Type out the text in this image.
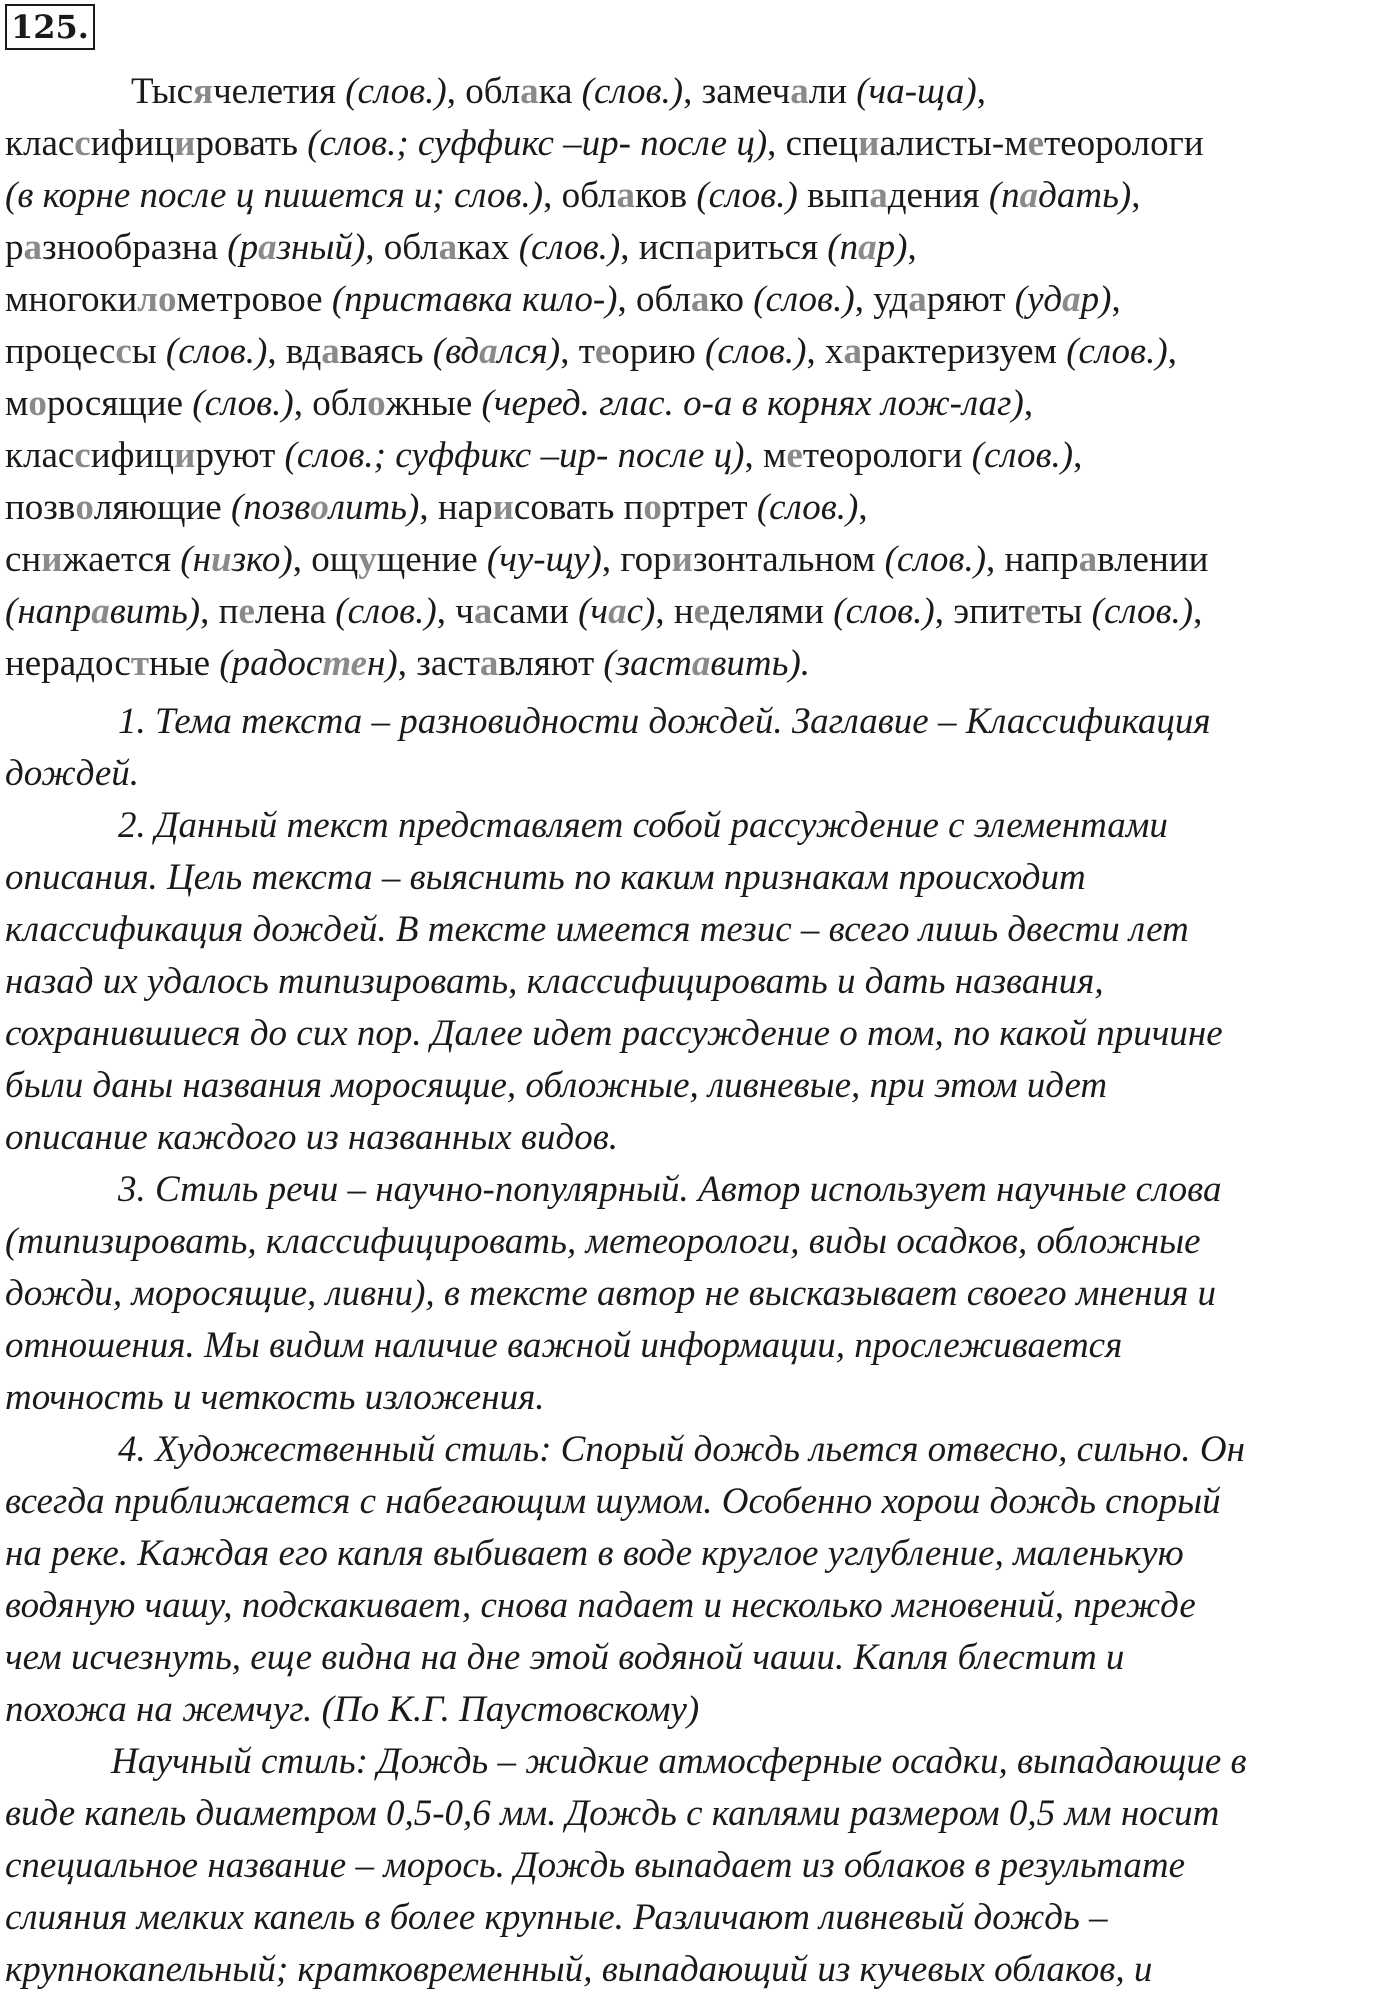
125.
Тысячелетия (слов.), облака (слов.), замечали (ча-ща),
классифицировать (слов.; суффикс –ир- после ц), специалисты-метеорологи
(в корне после ц пишется и; слов.), облаков (слов.) выпадения (падать),
разнообразна (разный), облаках (слов.), испариться (пар),
многокилометровое (приставка кило-), облако (слов.), ударяют (удар),
процессы (слов.), вдаваясь (вдался), теорию (слов.), характеризуем (слов.),
моросящие (слов.), обложные (черед. глас. о-а в корнях лож-лаг),
классифицируют (слов.; суффикс –ир- после ц), метеорологи (слов.),
позволяющие (позволить), нарисовать портрет (слов.),
снижается (низко), ощущение (чу-щу), горизонтальном (слов.), направлении
(направить), пелена (слов.), часами (час), неделями (слов.), эпитеты (слов.),
нерадостные (радостен), заставляют (заставить).

1. Тема текста – разновидности дождей. Заглавие – Классификация

дождей.

2. Данный текст представляет собой рассуждение с элементами

описания. Цель текста – выяснить по каким признакам происходит

классификация дождей. В тексте имеется тезис – всего лишь двести лет

назад их удалось типизировать, классифицировать и дать названия,

сохранившиеся до сих пор. Далее идет рассуждение о том, по какой причине

были даны названия моросящие, обложные, ливневые, при этом идет

описание каждого из названных видов.

3. Стиль речи – научно-популярный. Автор использует научные слова

(типизировать, классифицировать, метеорологи, виды осадков, обложные

дожди, моросящие, ливни), в тексте автор не высказывает своего мнения и

отношения. Мы видим наличие важной информации, прослеживается

точность и четкость изложения.

4. Художественный стиль: Спорый дождь льется отвесно, сильно. Он

всегда приближается с набегающим шумом. Особенно хорош дождь спорый

на реке. Каждая его капля выбивает в воде круглое углубление, маленькую

водяную чашу, подскакивает, снова падает и несколько мгновений, прежде

чем исчезнуть, еще видна на дне этой водяной чаши. Капля блестит и

похожа на жемчуг. (По К.Г. Паустовскому)

Научный стиль: Дождь – жидкие атмосферные осадки, выпадающие в

виде капель диаметром 0,5-0,6 мм. Дождь с каплями размером 0,5 мм носит

специальное название – морось. Дождь выпадает из облаков в результате

слияния мелких капель в более крупные. Различают ливневый дождь –

крупнокапельный; кратковременный, выпадающий из кучевых облаков, и
